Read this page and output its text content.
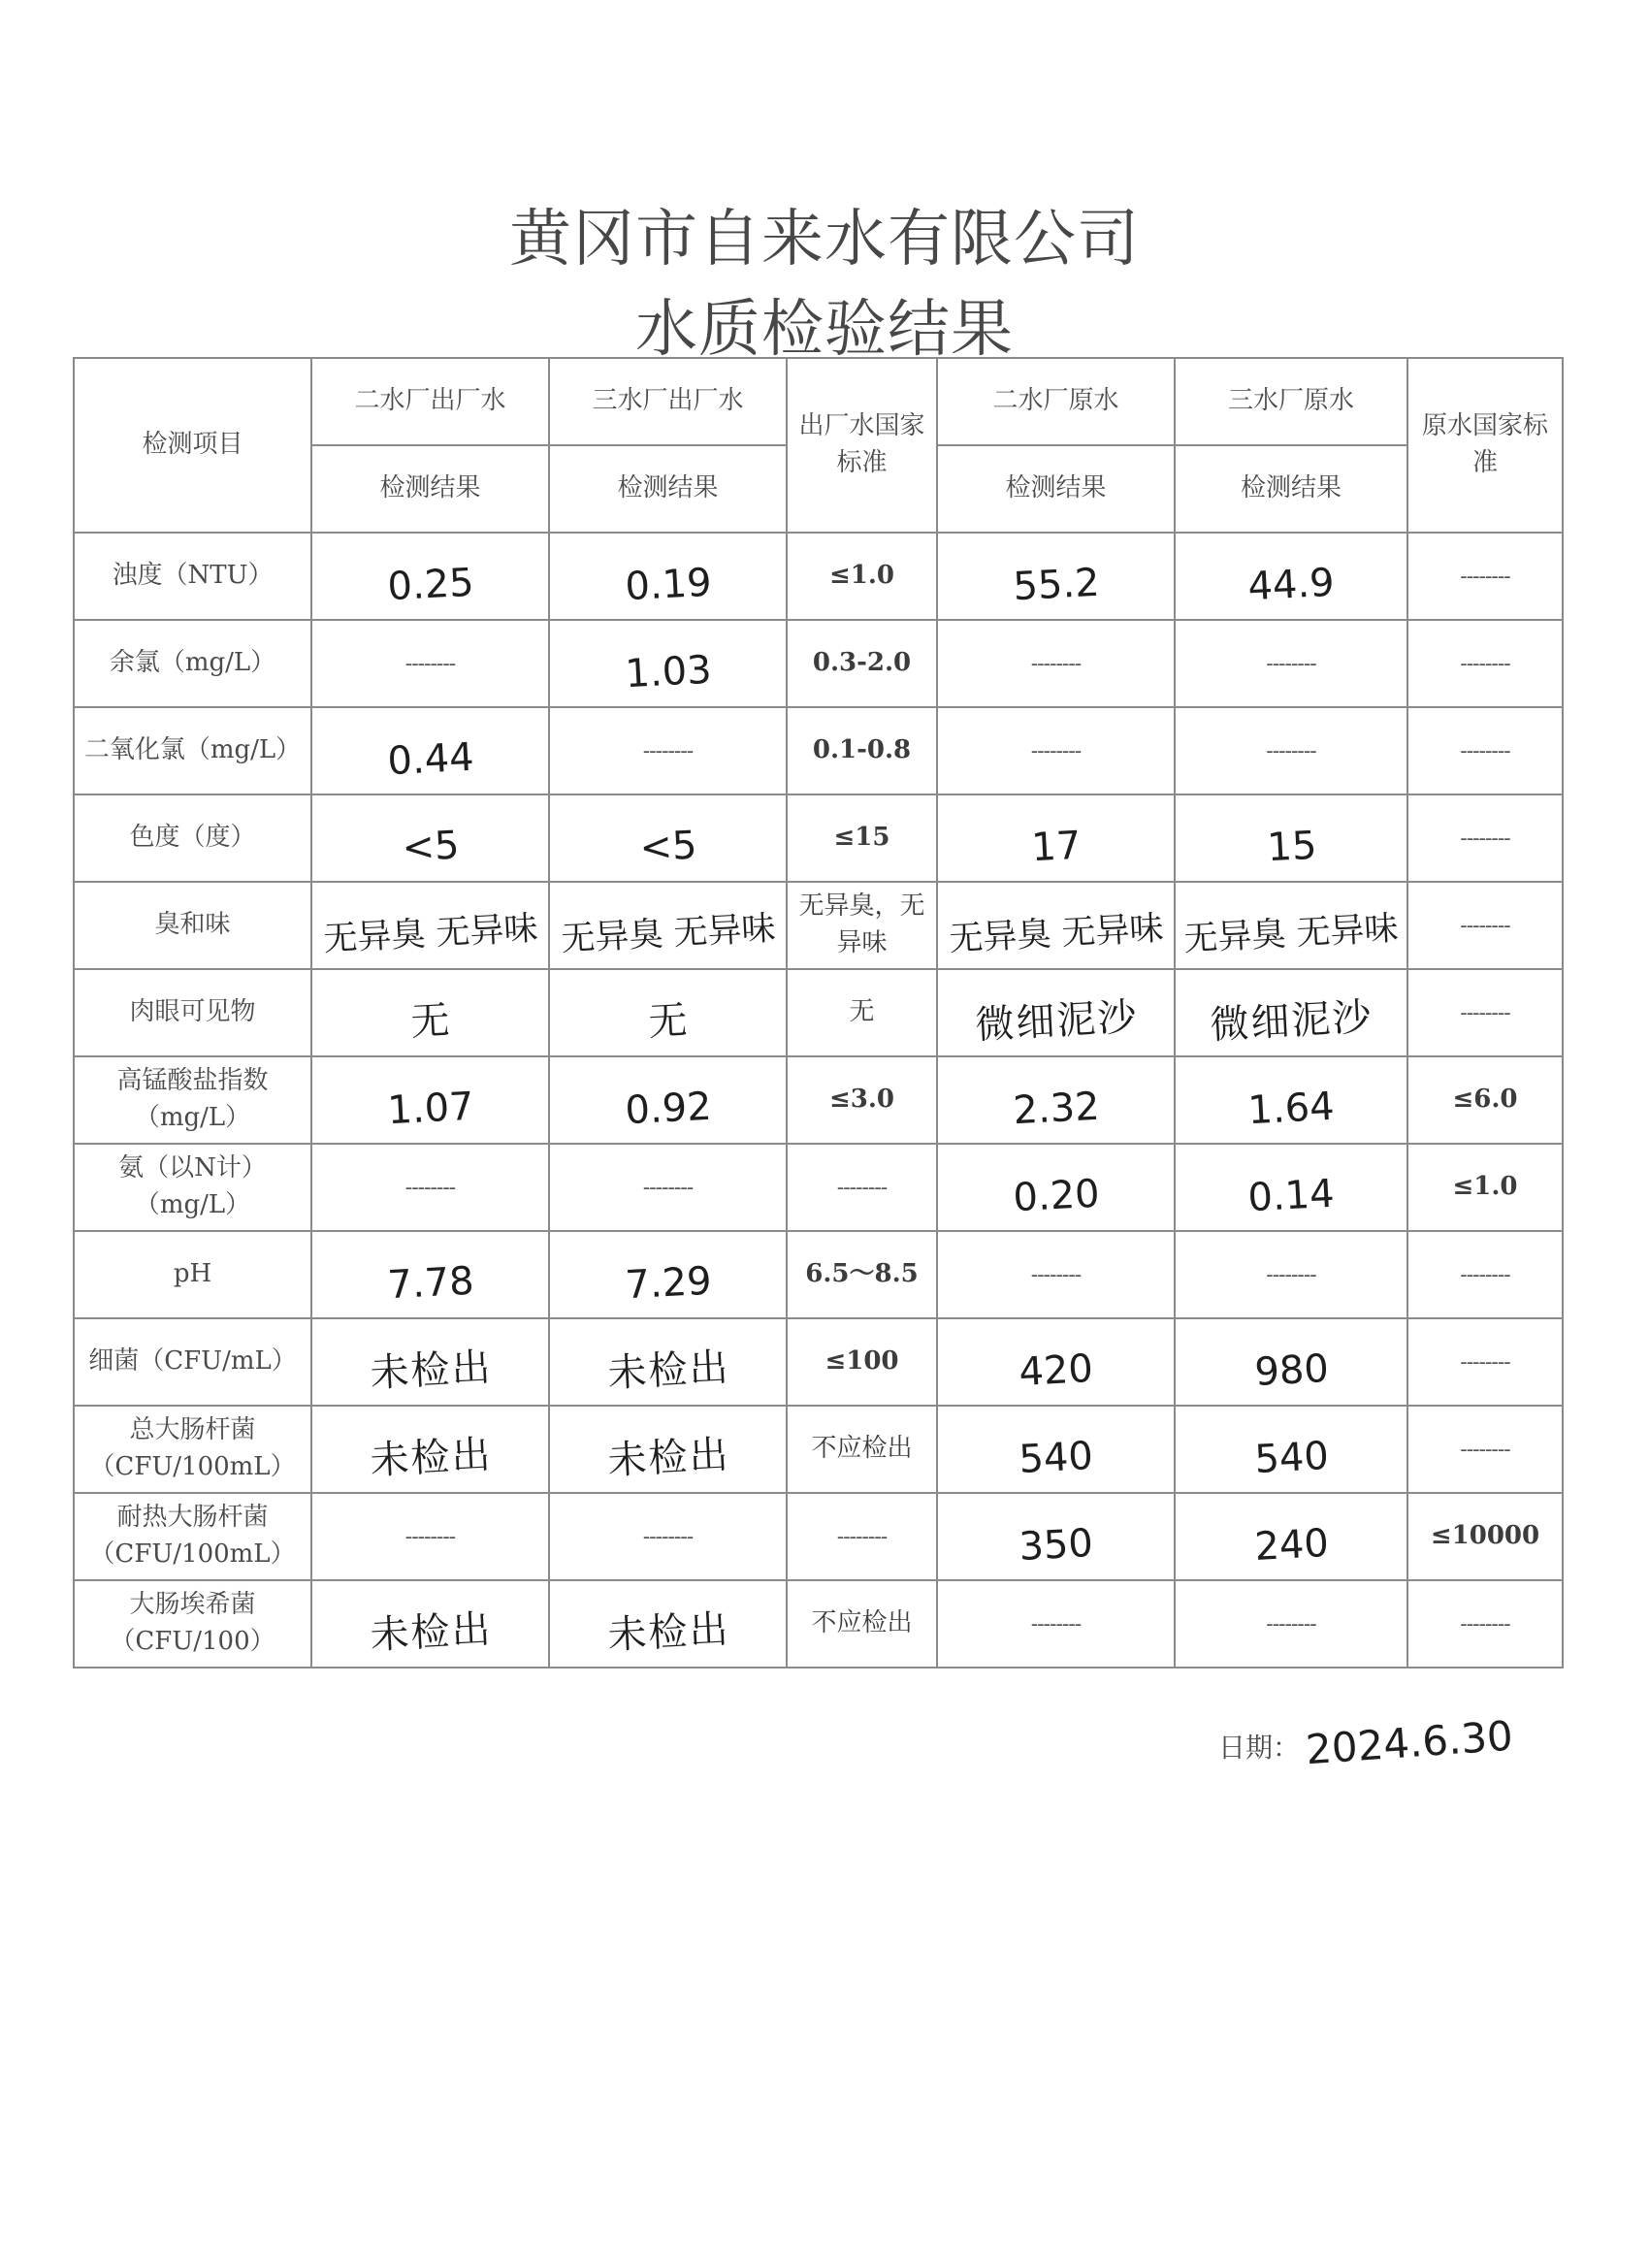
黄冈市自来水有限公司
水质检验结果
检测项目	二水厂出厂水	三水厂出厂水	出厂水国家标准	二水厂原水	三水厂原水	原水国家标准
	检测结果	检测结果		检测结果	检测结果	
浊度（NTU）	0.25	0.19	≤1.0	55.2	44.9	--------
余氯（mg/L）	--------	1.03	0.3-2.0	--------	--------	--------
二氧化氯（mg/L）	0.44	--------	0.1-0.8	--------	--------	--------
色度（度）	<5	<5	≤15	17	15	--------
臭和味	无异臭 无异味	无异臭 无异味	无异臭，无异味	无异臭 无异味	无异臭 无异味	--------
肉眼可见物	无	无	无	微细泥沙	微细泥沙	--------
高锰酸盐指数（mg/L）	1.07	0.92	≤3.0	2.32	1.64	≤6.0
氨（以N计）（mg/L）	--------	--------	--------	0.20	0.14	≤1.0
pH	7.78	7.29	6.5～8.5	--------	--------	--------
细菌（CFU/mL）	未检出	未检出	≤100	420	980	--------
总大肠杆菌（CFU/100mL）	未检出	未检出	不应检出	540	540	--------
耐热大肠杆菌（CFU/100mL）	--------	--------	--------	350	240	≤10000
大肠埃希菌（CFU/100）	未检出	未检出	不应检出	--------	--------	--------
日期： 2024.6.30
